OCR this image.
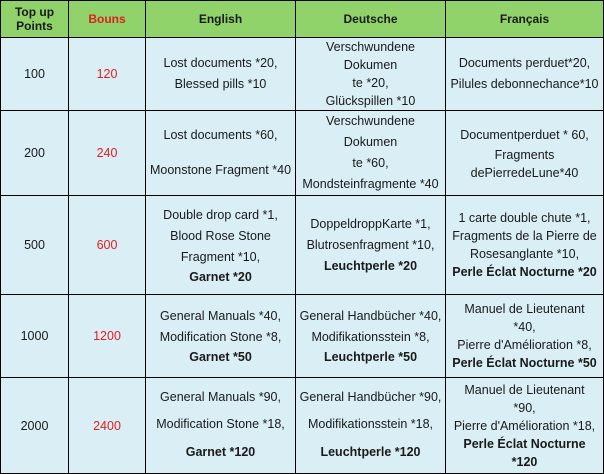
Top up Points	Bouns	English	Deutsche	Français
100	120	Lost documents *20,
Blessed pills *10	Verschwundene Dokumen
te *20,
Glückspillen *10	Documents perduet*20,
Pilules debonnechance*10

200	240	Lost documents *60,
Moonstone Fragment *40	Verschwundene Dokumen
te *60,
Mondsteinfragmente *40	Documentperduet * 60,
Fragments
dePierredeLune*40

500	600	Double drop card *1,
Blood Rose Stone
Fragment *10,
Garnet *20	DoppeldroppKarte *1,
Blutrosenfragment *10,
Leuchtperle *20	1 carte double chute *1,
Fragments de la Pierre de
Rosesanglante *10,
Perle Éclat Nocturne *20

1000	1200	General Manuals *40,
Modification Stone *8,
Garnet *50	General Handbücher *40,
Modifikationsstein *8,
Leuchtperle *50	Manuel de Lieutenant
*40,
Pierre d'Amélioration *8,
Perle Éclat Nocturne *50

2000	2400	General Manuals *90,
Modification Stone *18,
Garnet *120	General Handbücher *90,
Modifikationsstein *18,
Leuchtperle *120	Manuel de Lieutenant
*90,
Pierre d'Amélioration *18,
Perle Éclat Nocturne
*120
